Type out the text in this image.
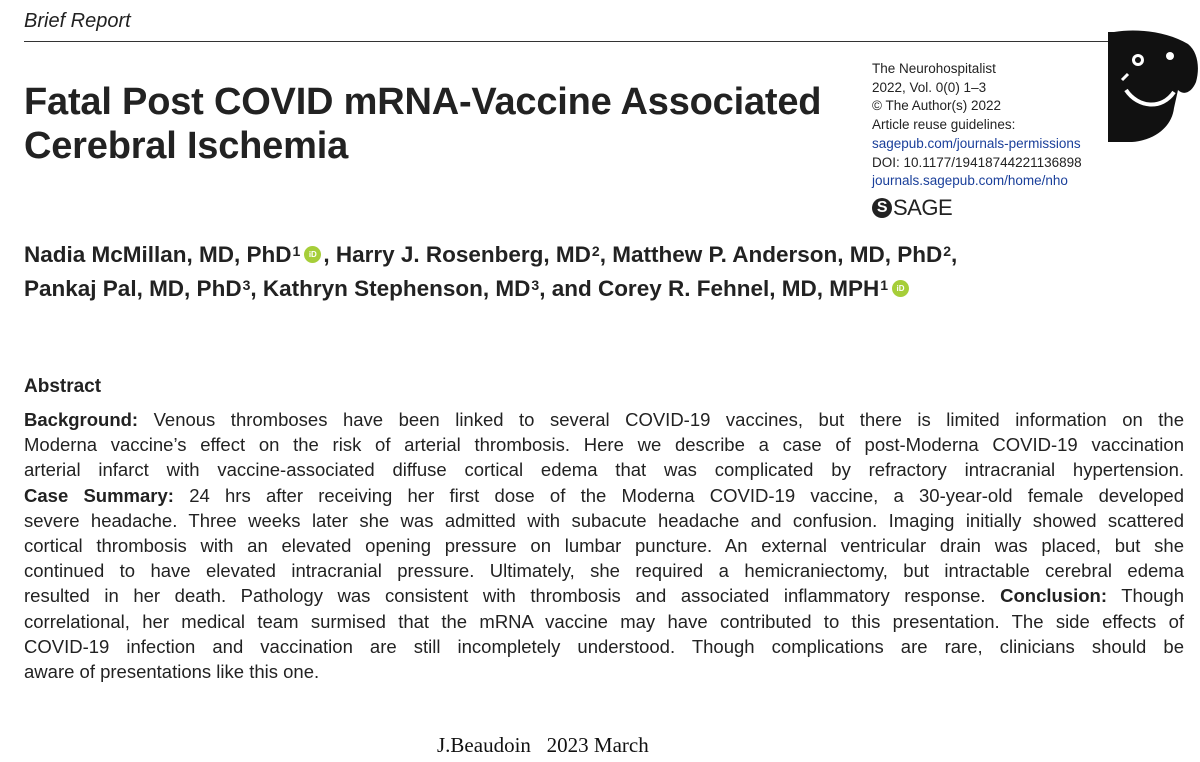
Brief Report
Fatal Post COVID mRNA-Vaccine Associated
Cerebral Ischemia
The Neurohospitalist
2022, Vol. 0(0) 1–3
© The Author(s) 2022
Article reuse guidelines:
sagepub.com/journals-permissions
DOI: 10.1177/19418744221136898
journals.sagepub.com/home/nho
S SAGE
Nadia McMillan, MD, PhD$^1$ iD , Harry J. Rosenberg, $MD^2$, Matthew P. Anderson, MD, PhD$^2$,
Pankaj Pal, MD, PhD$^3$, Kathryn Stephenson, $MD^3$, and Corey R. Fehnel, MD, MPH$^1$ iD
Abstract
Background: Venous thromboses have been linked to several COVID-19 vaccines, but there is limited information on the
Moderna vaccine’s effect on the risk of arterial thrombosis. Here we describe a case of post-Moderna COVID-19 vaccination
arterial infarct with vaccine-associated diffuse cortical edema that was complicated by refractory intracranial hypertension.
Case Summary: 24 hrs after receiving her first dose of the Moderna COVID-19 vaccine, a 30-year-old female developed
severe headache. Three weeks later she was admitted with subacute headache and confusion. Imaging initially showed scattered
cortical thrombosis with an elevated opening pressure on lumbar puncture. An external ventricular drain was placed, but she
continued to have elevated intracranial pressure. Ultimately, she required a hemicraniectomy, but intractable cerebral edema
resulted in her death. Pathology was consistent with thrombosis and associated inflammatory response. Conclusion: Though
correlational, her medical team surmised that the mRNA vaccine may have contributed to this presentation. The side effects of
COVID-19 infection and vaccination are still incompletely understood. Though complications are rare, clinicians should be
aware of presentations like this one.
J.Beaudoin   2023 March
